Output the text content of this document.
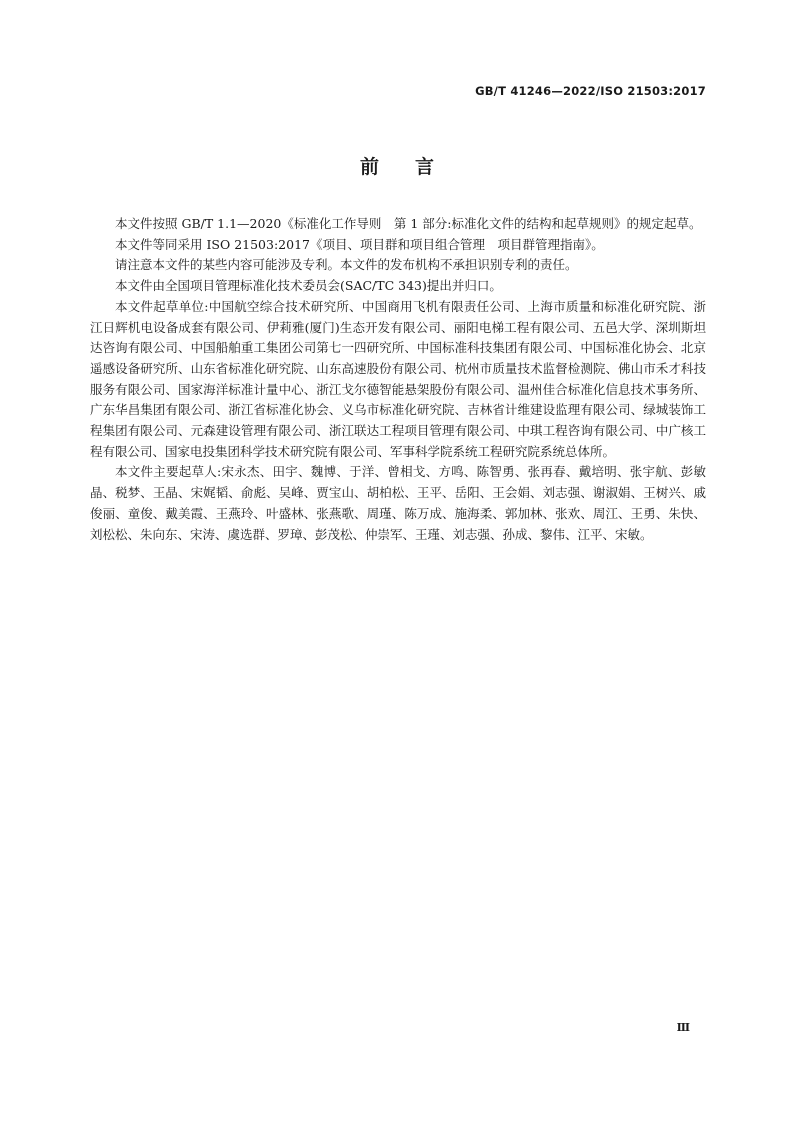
GB/T 41246—2022/ISO 21503:2017
前言

本文件按照 GB/T 1.1—2020《标准化工作导则　第 1 部分:标准化文件的结构和起草规则》的规定起草。

本文件等同采用 ISO 21503:2017《项目、项目群和项目组合管理　项目群管理指南》。

请注意本文件的某些内容可能涉及专利。本文件的发布机构不承担识别专利的责任。

本文件由全国项目管理标准化技术委员会(SAC/TC 343)提出并归口。

本文件起草单位:中国航空综合技术研究所、中国商用飞机有限责任公司、上海市质量和标准化研究院、浙江日辉机电设备成套有限公司、伊莉雅(厦门)生态开发有限公司、丽阳电梯工程有限公司、五邑大学、深圳斯坦达咨询有限公司、中国船舶重工集团公司第七一四研究所、中国标准科技集团有限公司、中国标准化协会、北京遥感设备研究所、山东省标准化研究院、山东高速股份有限公司、杭州市质量技术监督检测院、佛山市禾才科技服务有限公司、国家海洋标准计量中心、浙江戈尔德智能悬架股份有限公司、温州佳合标准化信息技术事务所、广东华昌集团有限公司、浙江省标准化协会、义乌市标准化研究院、吉林省计维建设监理有限公司、绿城装饰工程集团有限公司、元森建设管理有限公司、浙江联达工程项目管理有限公司、中琪工程咨询有限公司、中广核工程有限公司、国家电投集团科学技术研究院有限公司、军事科学院系统工程研究院系统总体所。

本文件主要起草人:宋永杰、田宇、魏博、于洋、曾相戈、方鸣、陈智勇、张再春、戴培明、张宇航、彭敏晶、税梦、王晶、宋娓韬、俞彪、吴峰、贾宝山、胡柏松、王平、岳阳、王会娟、刘志强、谢淑娟、王树兴、戚俊丽、童俊、戴美霞、王燕玲、叶盛林、张燕歌、周瑾、陈万成、施海柔、郭加林、张欢、周江、王勇、朱快、刘松松、朱向东、宋涛、虞选群、罗璋、彭茂松、仲崇军、王瑾、刘志强、孙成、黎伟、江平、宋敏。

Ⅲ
